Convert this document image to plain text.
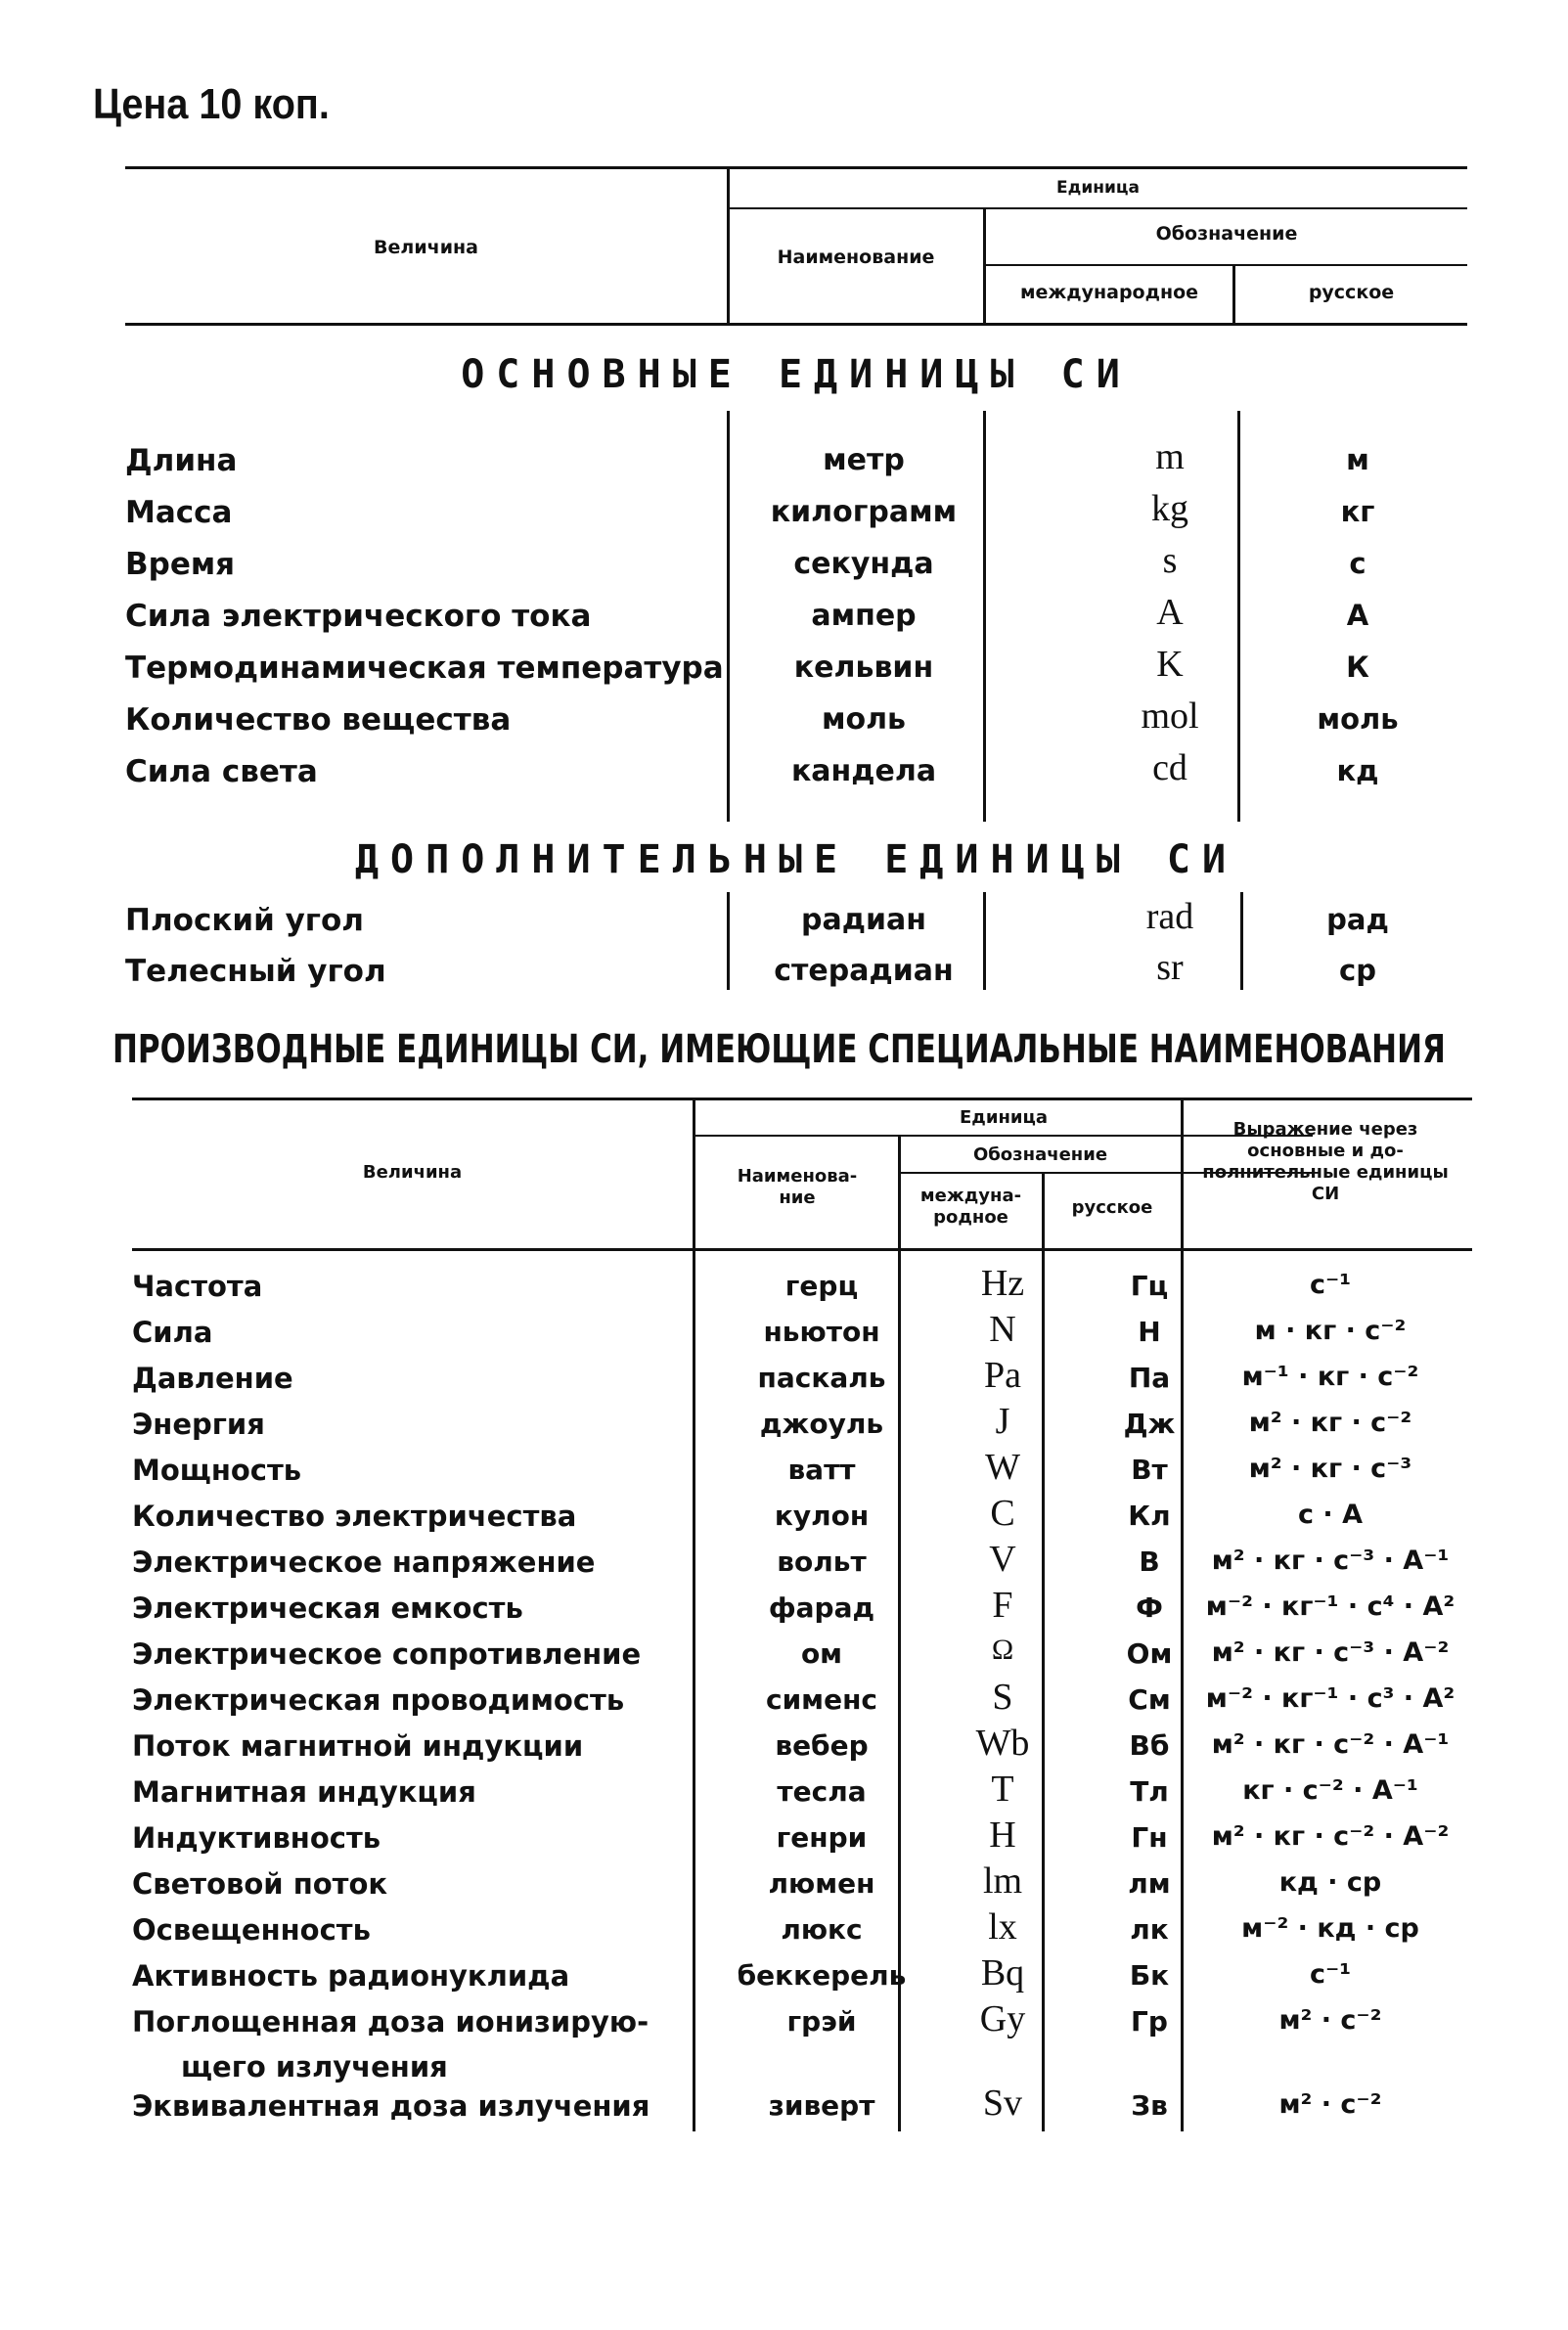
Цена 10 коп.
Величина
Единица
Наименование
Обозначение
международное	русское
ОСНОВНЫЕ ЕДИНИЦЫ СИ
Длина	метр	m	м
Масса	килограмм	kg	кг
Время	секунда	s	с
Сила электрического тока	ампер	A	А
Термодинамическая температура	кельвин	K	К
Количество вещества	моль	mol	моль
Сила света	кандела	cd	кд
ДОПОЛНИТЕЛЬНЫЕ ЕДИНИЦЫ СИ
Плоский угол	радиан	rad	рад
Телесный угол	стерадиан	sr	ср
ПРОИЗВОДНЫЕ ЕДИНИЦЫ СИ, ИМЕЮЩИЕ СПЕЦИАЛЬНЫЕ НАИМЕНОВАНИЯ
Величина
Единица
Наименова-ние
Обозначение
междуна-родное	русское
Выражение через основные и до-полнительные единицы СИ
Частота	герц	Hz	Гц	с⁻¹
Сила	ньютон	N	Н	м · кг · с⁻²
Давление	паскаль	Pa	Па	м⁻¹ · кг · с⁻²
Энергия	джоуль	J	Дж	м² · кг · с⁻²
Мощность	ватт	W	Вт	м² · кг · с⁻³
Количество электричества	кулон	C	Кл	с · А
Электрическое напряжение	вольт	V	В	м² · кг · с⁻³ · А⁻¹
Электрическая емкость	фарад	F	Ф	м⁻² · кг⁻¹ · с⁴ · А²
Электрическое сопротивление	ом	Ω	Ом	м² · кг · с⁻³ · А⁻²
Электрическая проводимость	сименс	S	См	м⁻² · кг⁻¹ · с³ · А²
Поток магнитной индукции	вебер	Wb	Вб	м² · кг · с⁻² · А⁻¹
Магнитная индукция	тесла	T	Тл	кг · с⁻² · А⁻¹
Индуктивность	генри	H	Гн	м² · кг · с⁻² · А⁻²
Световой поток	люмен	lm	лм	кд · ср
Освещенность	люкс	lx	лк	м⁻² · кд · ср
Активность радионуклида	беккерель	Bq	Бк	с⁻¹
Поглощенная доза ионизирую-
щего излучения
грэй	Gy	Гр	м² · с⁻²
Эквивалентная доза излучения	зиверт	Sv	Зв	м² · с⁻²
